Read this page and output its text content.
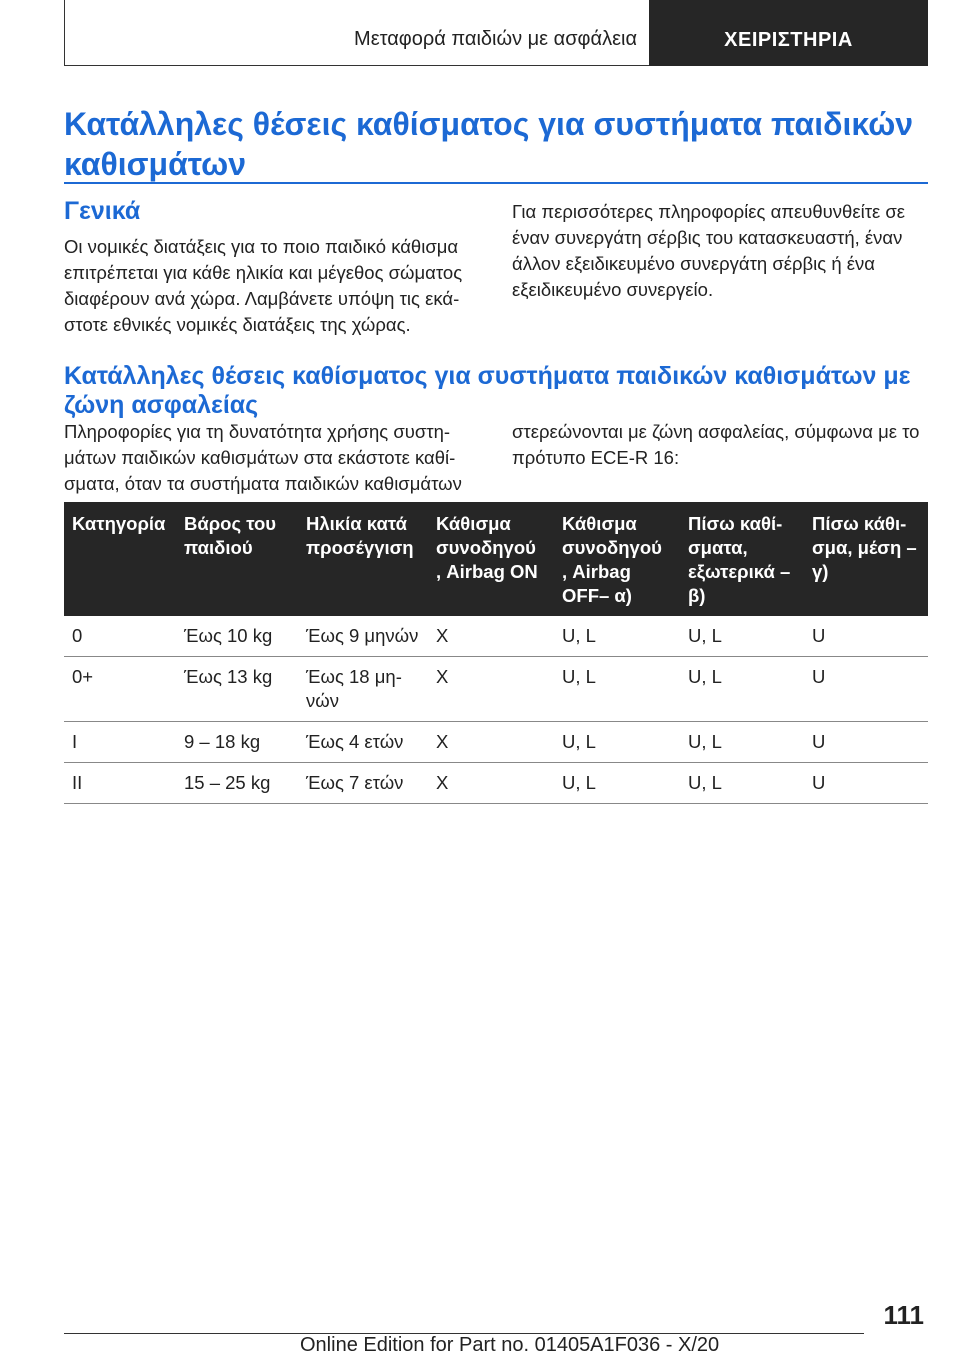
Μεταφορά παιδιών με ασφάλεια	ΧΕΙΡΙΣΤΗΡΙΑ
Κατάλληλες θέσεις καθίσματος για συστήματα παιδικών καθισμάτων
Γενικά

Οι νομικές διατάξεις για το ποιο παιδικό κάθισμα επιτρέπεται για κάθε ηλικία και μέγεθος σώματος διαφέρουν ανά χώρα. Λαμβάνετε υπόψη τις εκάστοτε εθνικές νομικές διατάξεις της χώρας.

Για περισσότερες πληροφορίες απευθυνθείτε σε έναν συνεργάτη σέρβις του κατασκευαστή, έναν άλλον εξειδικευμένο συνεργάτη σέρβις ή ένα εξειδικευμένο συνεργείο.

Κατάλληλες θέσεις καθίσματος για συστήματα παιδικών καθισμάτων με ζώνη ασφαλείας

Πληροφορίες για τη δυνατότητα χρήσης συστημάτων παιδικών καθισμάτων στα εκάστοτε καθίσματα, όταν τα συστήματα παιδικών καθισμάτων

στερεώνονται με ζώνη ασφαλείας, σύμφωνα με το πρότυπο ECE-R 16:

Κατηγορία	Βάρος του παιδιού	Ηλικία κατά προσέγγιση	Κάθισμα συνοδηγού , Airbag ON	Κάθισμα συνοδηγού , Airbag OFF– α)	Πίσω καθίσματα, εξωτερικά – β)	Πίσω κάθισμα, μέση – γ)
0	Έως 10 kg	Έως 9 μηνών	X	U, L	U, L	U
0+	Έως 13 kg	Έως 18 μηνών	X	U, L	U, L	U
I	9 – 18 kg	Έως 4 ετών	X	U, L	U, L	U
II	15 – 25 kg	Έως 7 ετών	X	U, L	U, L	U
111
Online Edition for Part no. 01405A1F036 - X/20
